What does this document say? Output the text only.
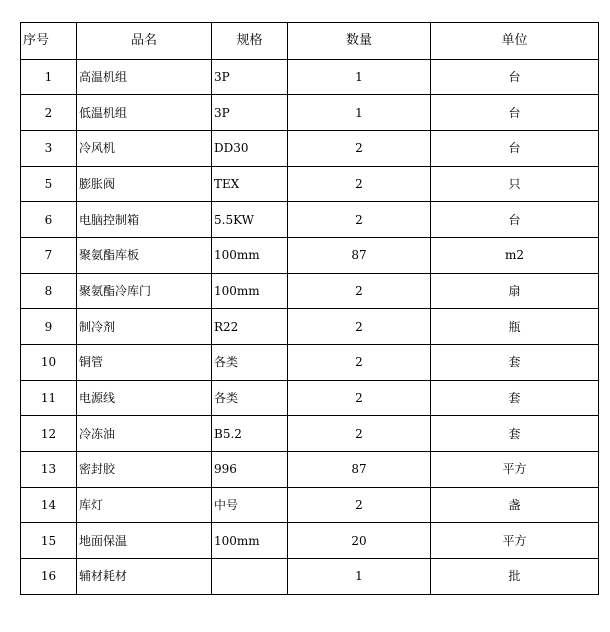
序号	品名	规格	数量	单位
1	高温机组	3P	1	台
2	低温机组	3P	1	台
3	冷风机	DD30	2	台
5	膨胀阀	TEX	2	只
6	电脑控制箱	5.5KW	2	台
7	聚氨酯库板	100mm	87	m2
8	聚氨酯冷库门	100mm	2	扇
9	制冷剂	R22	2	瓶
10	铜管	各类	2	套
11	电源线	各类	2	套
12	冷冻油	B5.2	2	套
13	密封胶	996	87	平方
14	库灯	中号	2	盏
15	地面保温	100mm	20	平方
16	辅材耗材		1	批
